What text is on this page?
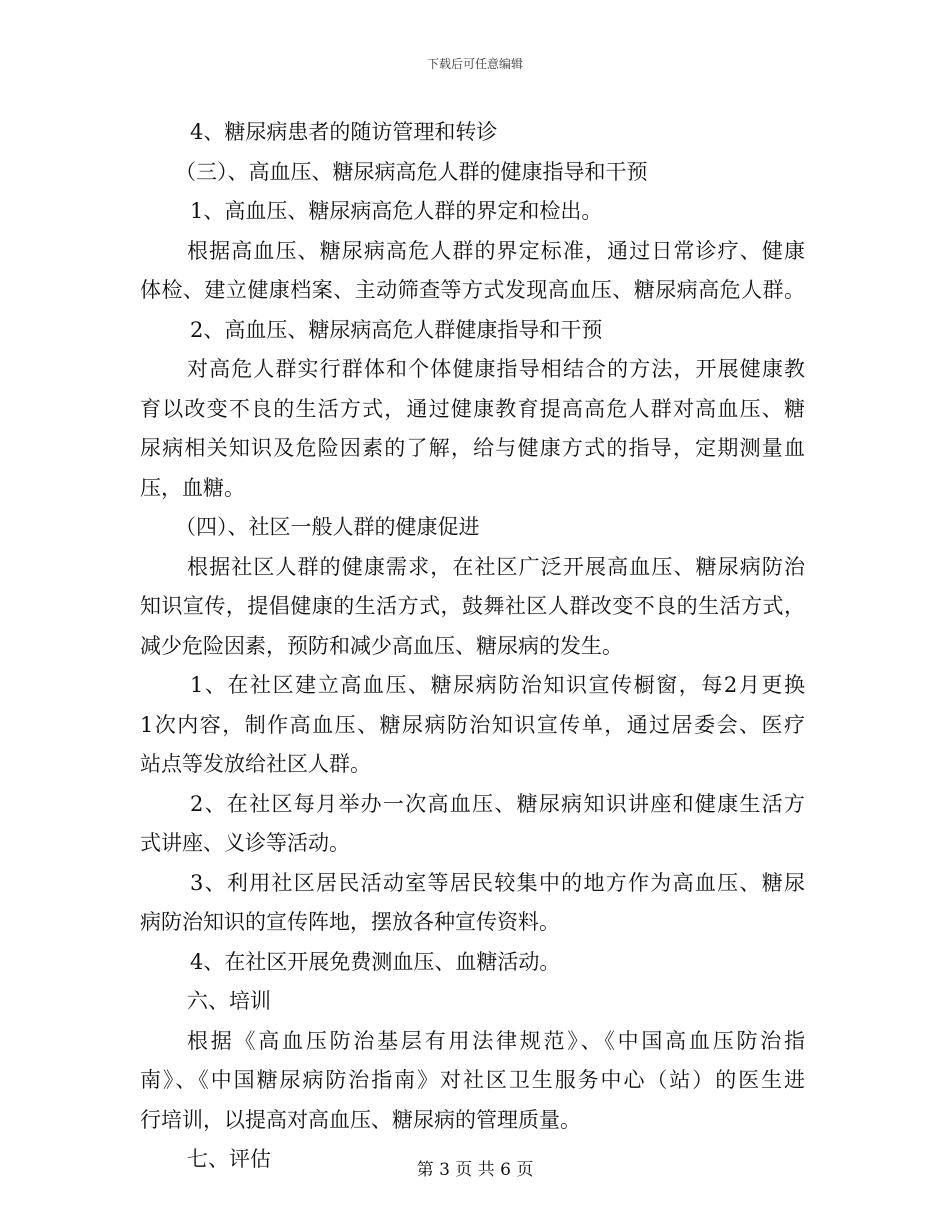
下载后可任意编辑
4、糖尿病患者的随访管理和转诊
（三）、高血压、糖尿病高危人群的健康指导和干预
1、高血压、糖尿病高危人群的界定和检出。
根据高血压、糖尿病高危人群的界定标准，通过日常诊疗、健康
体检、建立健康档案、主动筛查等方式发现高血压、糖尿病高危人群。
2、高血压、糖尿病高危人群健康指导和干预
对高危人群实行群体和个体健康指导相结合的方法，开展健康教
育以改变不良的生活方式，通过健康教育提高高危人群对高血压、糖
尿病相关知识及危险因素的了解，给与健康方式的指导，定期测量血
压，血糖。
（四）、社区一般人群的健康促进
根据社区人群的健康需求，在社区广泛开展高血压、糖尿病防治
知识宣传，提倡健康的生活方式，鼓舞社区人群改变不良的生活方式，
减少危险因素，预防和减少高血压、糖尿病的发生。
1、在社区建立高血压、糖尿病防治知识宣传橱窗，每2月更换
1次内容，制作高血压、糖尿病防治知识宣传单，通过居委会、医疗
站点等发放给社区人群。
2、在社区每月举办一次高血压、糖尿病知识讲座和健康生活方
式讲座、义诊等活动。
3、利用社区居民活动室等居民较集中的地方作为高血压、糖尿
病防治知识的宣传阵地，摆放各种宣传资料。
4、在社区开展免费测血压、血糖活动。
六、培训
根据《高血压防治基层有用法律规范》、《中国高血压防治指
南》、《中国糖尿病防治指南》对社区卫生服务中心（站）的医生进
行培训，以提高对高血压、糖尿病的管理质量。
七、评估	第 3 页 共 6 页
